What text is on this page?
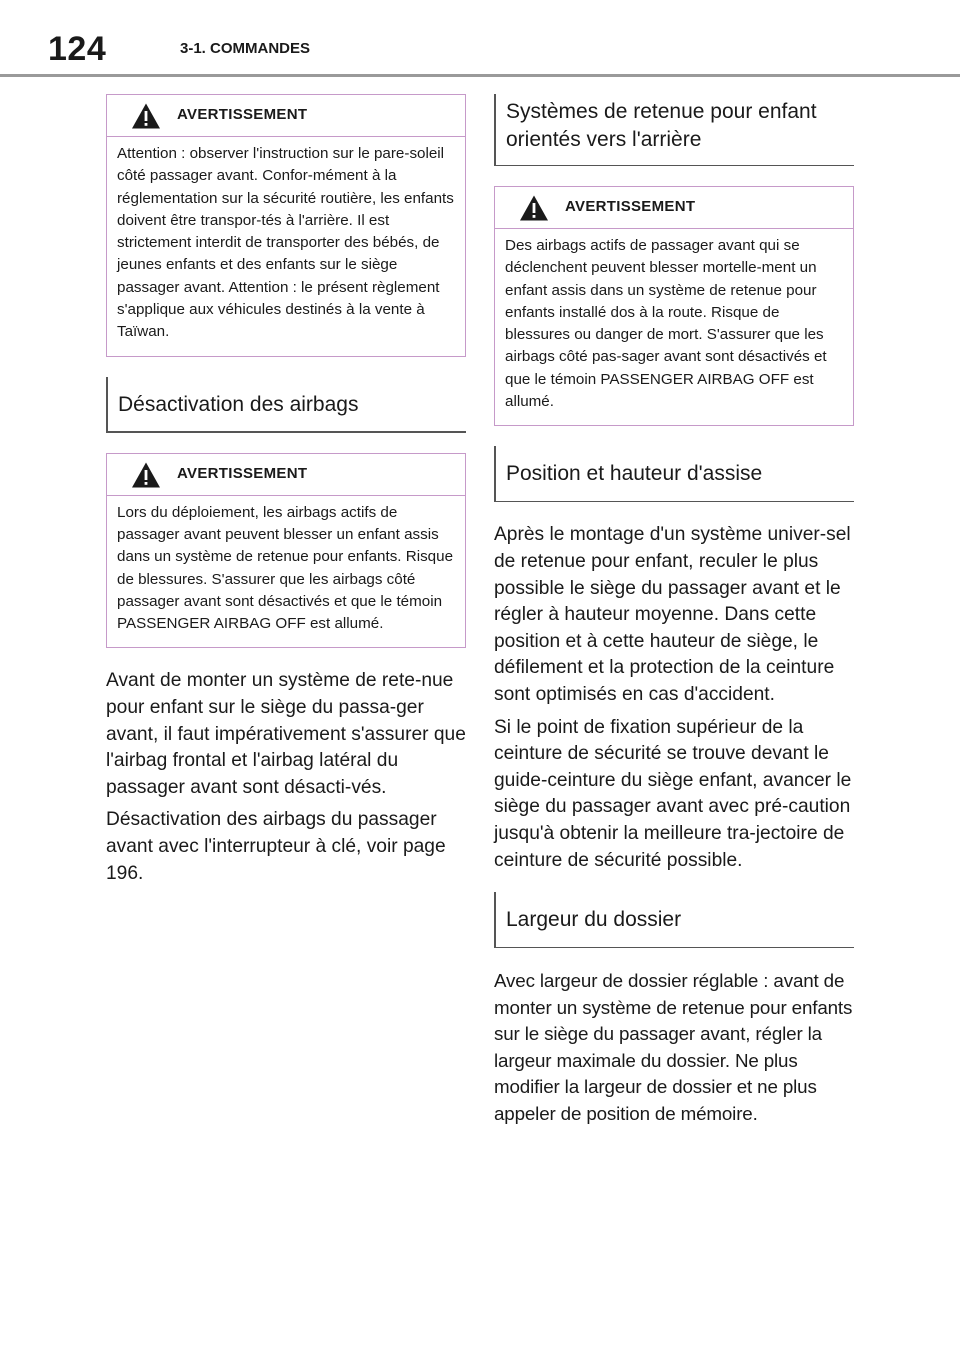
124	3-1. COMMANDES
AVERTISSEMENT
Attention : observer l'instruction sur le pare-soleil côté passager avant. Confor-mément à la réglementation sur la sécurité routière, les enfants doivent être transpor-tés à l'arrière. Il est strictement interdit de transporter des bébés, de jeunes enfants et des enfants sur le siège passager avant. Attention : le présent règlement s'applique aux véhicules destinés à la vente à Taïwan.
Désactivation des airbags
AVERTISSEMENT
Lors du déploiement, les airbags actifs de passager avant peuvent blesser un enfant assis dans un système de retenue pour enfants. Risque de blessures. S'assurer que les airbags côté passager avant sont désactivés et que le témoin PASSENGER AIRBAG OFF est allumé.

Avant de monter un système de rete-nue pour enfant sur le siège du passa-ger avant, il faut impérativement s'assurer que l'airbag frontal et l'airbag latéral du passager avant sont désacti-vés.

Désactivation des airbags du passager avant avec l'interrupteur à clé, voir page 196.

Systèmes de retenue pour enfant orientés vers l'arrière
AVERTISSEMENT
Des airbags actifs de passager avant qui se déclenchent peuvent blesser mortelle-ment un enfant assis dans un système de retenue pour enfants installé dos à la route. Risque de blessures ou danger de mort. S'assurer que les airbags côté pas-sager avant sont désactivés et que le témoin PASSENGER AIRBAG OFF est allumé.
Position et hauteur d'assise

Après le montage d'un système univer-sel de retenue pour enfant, reculer le plus possible le siège du passager avant et le régler à hauteur moyenne. Dans cette position et à cette hauteur de siège, le défilement et la protection de la ceinture sont optimisés en cas d'accident.

Si le point de fixation supérieur de la ceinture de sécurité se trouve devant le guide-ceinture du siège enfant, avancer le siège du passager avant avec pré-caution jusqu'à obtenir la meilleure tra-jectoire de ceinture de sécurité possible.

Largeur du dossier

Avec largeur de dossier réglable : avant de monter un système de retenue pour enfants sur le siège du passager avant, régler la largeur maximale du dossier. Ne plus modifier la largeur de dossier et ne plus appeler de position de mémoire.
